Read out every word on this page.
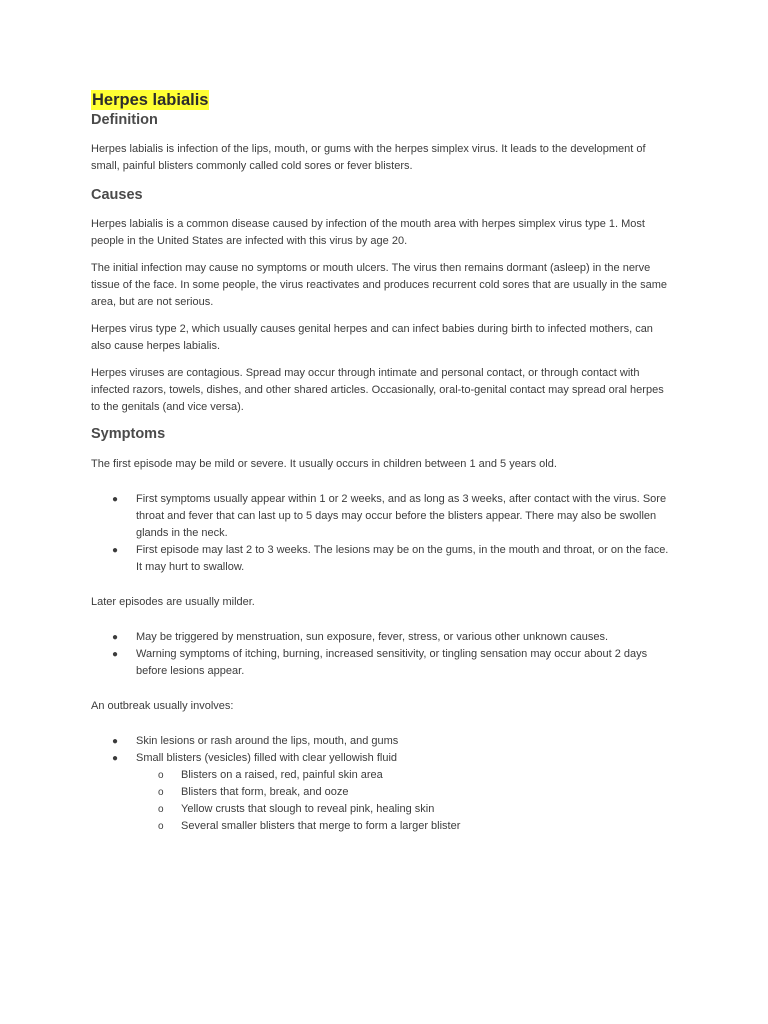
Herpes labialis
Definition

Herpes labialis is infection of the lips, mouth, or gums with the herpes simplex virus. It leads to the development of small, painful blisters commonly called cold sores or fever blisters.

Causes

Herpes labialis is a common disease caused by infection of the mouth area with herpes simplex virus type 1. Most people in the United States are infected with this virus by age 20.

The initial infection may cause no symptoms or mouth ulcers. The virus then remains dormant (asleep) in the nerve tissue of the face. In some people, the virus reactivates and produces recurrent cold sores that are usually in the same area, but are not serious.

Herpes virus type 2, which usually causes genital herpes and can infect babies during birth to infected mothers, can also cause herpes labialis.

Herpes viruses are contagious. Spread may occur through intimate and personal contact, or through contact with infected razors, towels, dishes, and other shared articles. Occasionally, oral-to-genital contact may spread oral herpes to the genitals (and vice versa).

Symptoms

The first episode may be mild or severe. It usually occurs in children between 1 and 5 years old.

● First symptoms usually appear within 1 or 2 weeks, and as long as 3 weeks, after contact with the virus. Sore throat and fever that can last up to 5 days may occur before the blisters appear. There may also be swollen glands in the neck.
● First episode may last 2 to 3 weeks. The lesions may be on the gums, in the mouth and throat, or on the face. It may hurt to swallow.

Later episodes are usually milder.

● May be triggered by menstruation, sun exposure, fever, stress, or various other unknown causes.
● Warning symptoms of itching, burning, increased sensitivity, or tingling sensation may occur about 2 days before lesions appear.

An outbreak usually involves:

● Skin lesions or rash around the lips, mouth, and gums
● Small blisters (vesicles) filled with clear yellowish fluid
o Blisters on a raised, red, painful skin area
o Blisters that form, break, and ooze
o Yellow crusts that slough to reveal pink, healing skin
o Several smaller blisters that merge to form a larger blister
